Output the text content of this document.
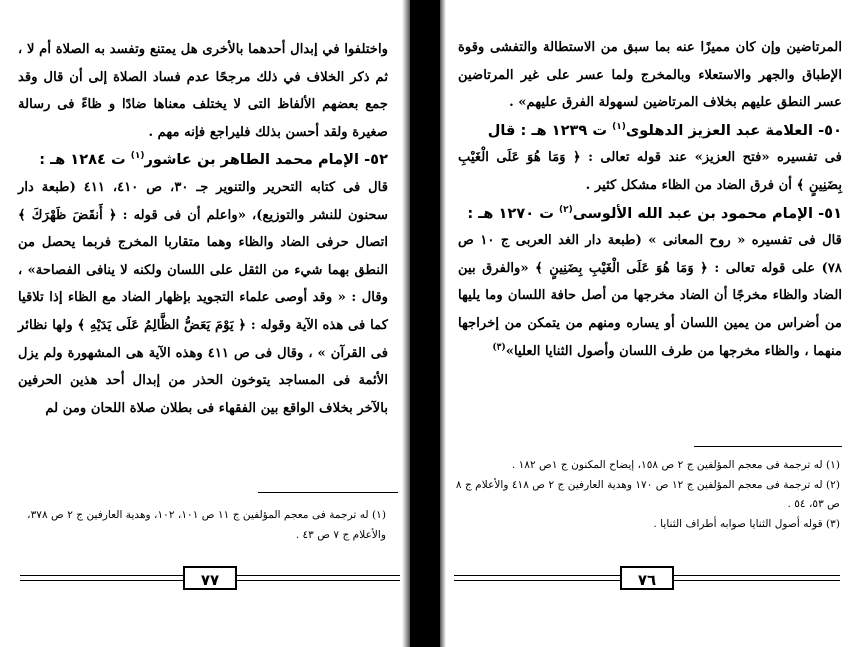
واختلفوا في إبدال أحدهما بالأخرى هل يمتنع وتفسد به الصلاة أم لا ، ثم ذكر الخلاف في ذلك مرجحًا عدم فساد الصلاة إلى أن قال وقد جمع بعضهم الألفاظ التى لا يختلف معناها ضادًا و ظاءً فى رسالة صغيرة ولقد أحسن بذلك فليراجع فإنه مهم .

٥٢- الإمام محمد الطاهر بن عاشور$^{(١)}$ ت ١٢٨٤ هـ :

قال فى كتابه التحرير والتنوير جـ ٣٠، ص ٤١٠، ٤١١ (طبعة دار سحنون للنشر والتوزيع)، «واعلم أن فى قوله : ﴿ أَنقَضَ ظَهْرَكَ ﴾ اتصال حرفى الضاد والظاء وهما متقاربا المخرج فربما يحصل من النطق بهما شيء من الثقل على اللسان ولكنه لا ينافى الفصاحة» ، وقال : « وقد أوصى علماء التجويد بإظهار الضاد مع الظاء إذا تلاقيا كما فى هذه الآية وقوله : ﴿ يَوْمَ يَعَضُّ الظَّالِمُ عَلَى يَدَيْهِ ﴾ ولها نظائر فى القرآن » ، وقال فى ص ٤١١ وهذه الآية هى المشهورة ولم يزل الأئمة فى المساجد يتوخون الحذر من إبدال أحد هذين الحرفين بالآخر بخلاف الواقع بين الفقهاء فى بطلان صلاة اللحان ومن لم

(١) له ترجمة فى معجم المؤلفين ج ١١ ص ١٠١، ١٠٢، وهدية العارفين ج ٢ ص ٣٧٨، والأعلام ج ٧ ص ٤٣ .

٧٧

المرتاضين وإن كان مميزًا عنه بما سبق من الاستطالة والتفشى وقوة الإطباق والجهر والاستعلاء وبالمخرج ولما عسر على غير المرتاضين عسر النطق عليهم بخلاف المرتاضين لسهولة الفرق عليهم» .

٥٠- العلامة عبد العزيز الدهلوى$^{(١)}$ ت ١٢٣٩ هـ : قال

فى تفسيره «فتح العزيز» عند قوله تعالى : ﴿ وَمَا هُوَ عَلَى الْغَيْبِ بِضَنِينٍ ﴾ أن فرق الضاد من الظاء مشكل كثير .

٥١- الإمام محمود بن عبد الله الألوسى$^{(٢)}$ ت ١٢٧٠ هـ :

قال فى تفسيره « روح المعانى » (طبعة دار الغد العربى ج ١٠ ص ٧٨) على قوله تعالى : ﴿ وَمَا هُوَ عَلَى الْغَيْبِ بِضَنِينٍ ﴾ «والفرق بين الضاد والظاء مخرجًا أن الضاد مخرجها من أصل حافة اللسان وما يليها من أضراس من يمين اللسان أو يساره ومنهم من يتمكن من إخراجها منهما ، والظاء مخرجها من طرف اللسان وأصول الثنايا العليا»$^{(٣)}$

(١) له ترجمة فى معجم المؤلفين ج ٢ ص ١٥٨، إيضاح المكنون ج ١ص ١٨٢ .

(٢) له ترجمة فى معجم المؤلفين ج ١٢ ص ١٧٠ وهدية العارفين ج ٢ ص ٤١٨ والأعلام ج ٨ ص ٥٣، ٥٤ .

(٣) قوله أصول الثنايا صوابه أطراف الثنايا .

٧٦
